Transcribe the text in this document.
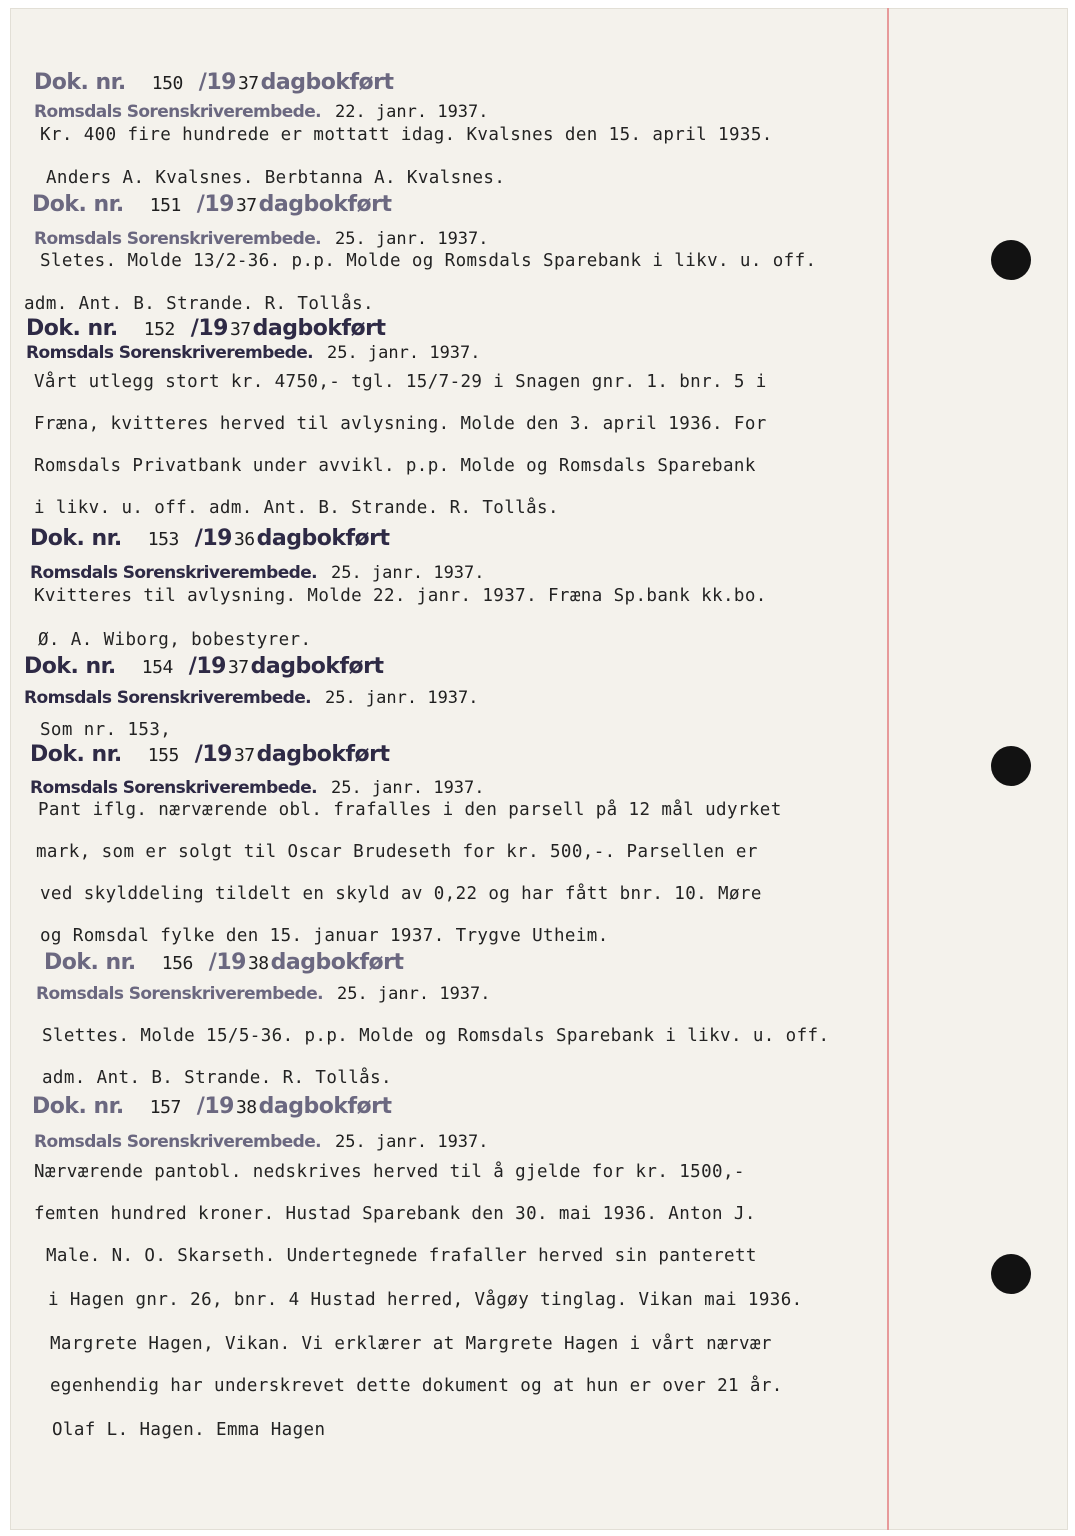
Dok. nr. 150 /19 37dagbokført
Romsdals Sorenskriverembede. 22. janr. 1937.
Kr. 400 fire hundrede er mottatt idag. Kvalsnes den 15. april 1935.
Anders A. Kvalsnes. Berbtanna A. Kvalsnes.
Dok. nr. 151 /19 37dagbokført
Romsdals Sorenskriverembede. 25. janr. 1937.
Sletes. Molde 13/2-36. p.p. Molde og Romsdals Sparebank i likv. u. off.
adm. Ant. B. Strande. R. Tollås.
Dok. nr. 152 /19 37dagbokført
Romsdals Sorenskriverembede. 25. janr. 1937.
Vårt utlegg stort kr. 4750,- tgl. 15/7-29 i Snagen gnr. 1. bnr. 5 i
Fræna, kvitteres herved til avlysning. Molde den 3. april 1936. For
Romsdals Privatbank under avvikl. p.p. Molde og Romsdals Sparebank
i likv. u. off. adm. Ant. B. Strande. R. Tollås.
Dok. nr. 153 /19 36dagbokført
Romsdals Sorenskriverembede. 25. janr. 1937.
Kvitteres til avlysning. Molde 22. janr. 1937. Fræna Sp.bank kk.bo.
Ø. A. Wiborg, bobestyrer.
Dok. nr. 154 /19 37dagbokført
Romsdals Sorenskriverembede. 25. janr. 1937.
Som nr. 153,
Dok. nr. 155 /19 37dagbokført
Romsdals Sorenskriverembede. 25. janr. 1937.
Pant iflg. nærværende obl. frafalles i den parsell på 12 mål udyrket
mark, som er solgt til Oscar Brudeseth for kr. 500,-. Parsellen er
ved skylddeling tildelt en skyld av 0,22 og har fått bnr. 10. Møre
og Romsdal fylke den 15. januar 1937. Trygve Utheim.
Dok. nr. 156 /19 38dagbokført
Romsdals Sorenskriverembede. 25. janr. 1937.
Slettes. Molde 15/5-36. p.p. Molde og Romsdals Sparebank i likv. u. off.
adm. Ant. B. Strande. R. Tollås.
Dok. nr. 157 /19 38dagbokført
Romsdals Sorenskriverembede. 25. janr. 1937.
Nærværende pantobl. nedskrives herved til å gjelde for kr. 1500,-
femten hundred kroner. Hustad Sparebank den 30. mai 1936. Anton J.
Male. N. O. Skarseth. Undertegnede frafaller herved sin panterett
i Hagen gnr. 26, bnr. 4 Hustad herred, Vågøy tinglag. Vikan mai 1936.
Margrete Hagen, Vikan. Vi erklærer at Margrete Hagen i vårt nærvær
egenhendig har underskrevet dette dokument og at hun er over 21 år.
Olaf L. Hagen. Emma Hagen
